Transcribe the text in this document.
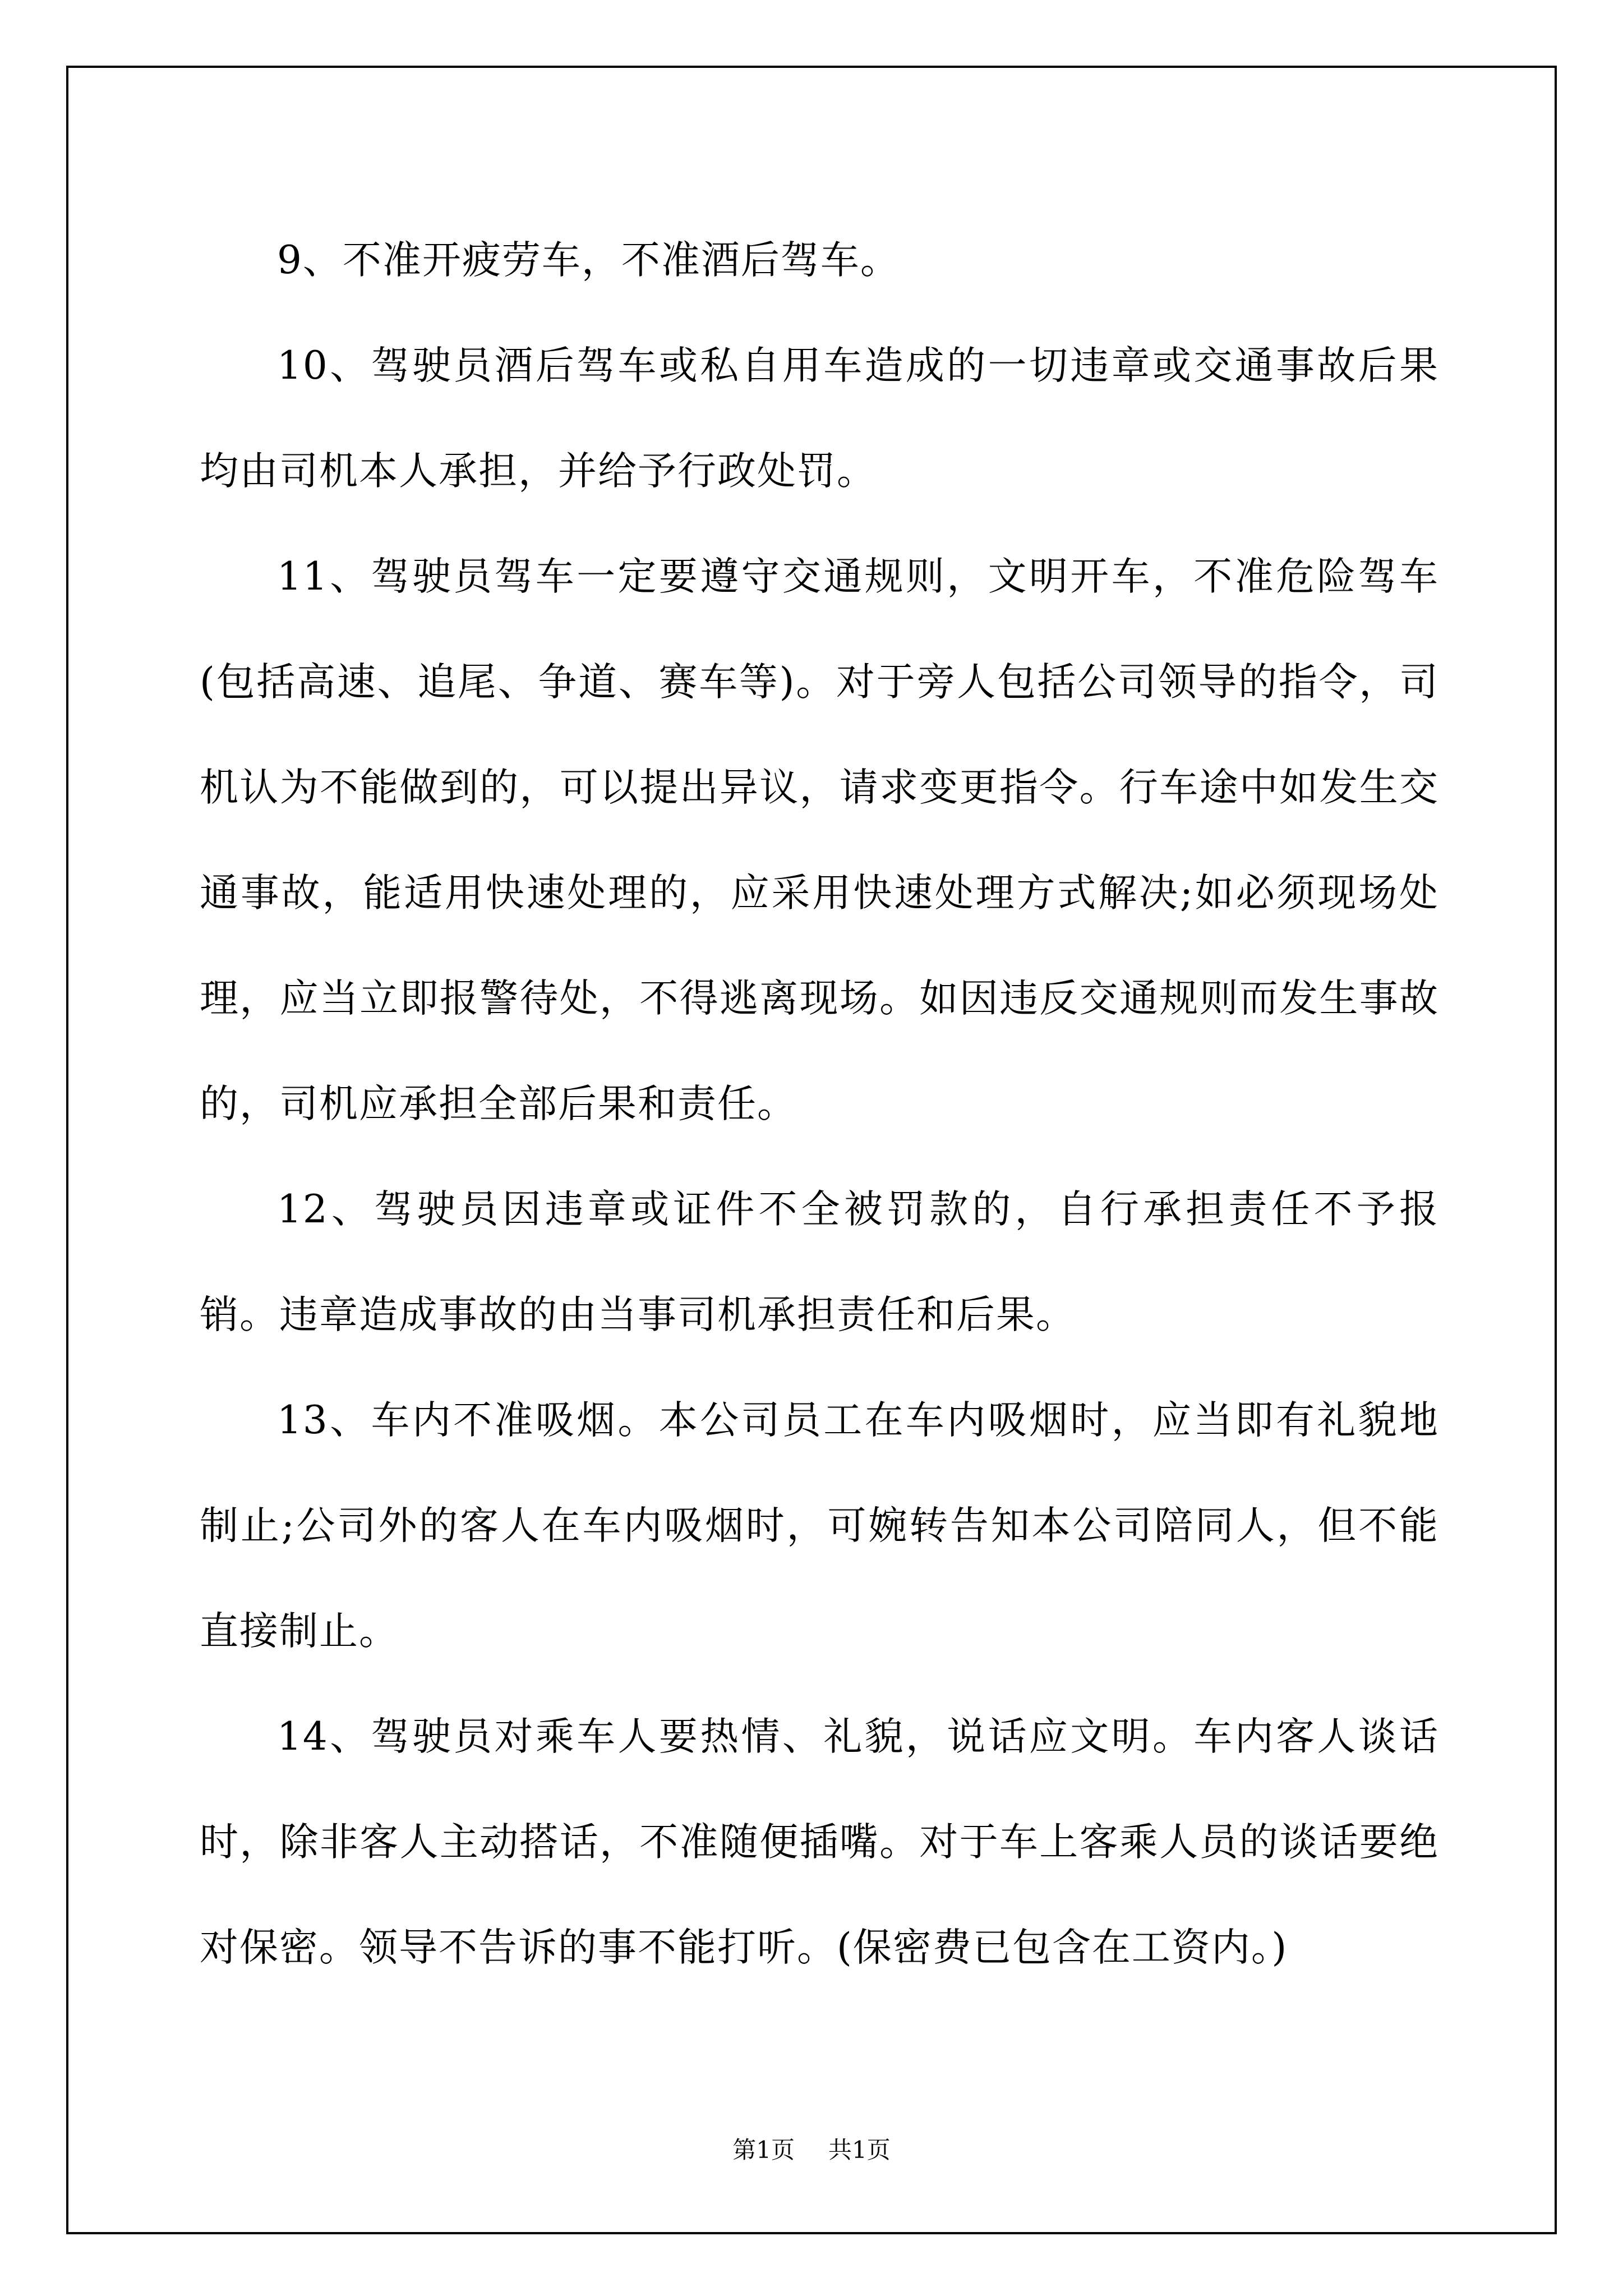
9、不准开疲劳车，不准酒后驾车。

10、驾驶员酒后驾车或私自用车造成的一切违章或交通事故后果均由司机本人承担，并给予行政处罚。

11、驾驶员驾车一定要遵守交通规则，文明开车，不准危险驾车(包括高速、追尾、争道、赛车等)。对于旁人包括公司领导的指令，司机认为不能做到的，可以提出异议，请求变更指令。行车途中如发生交通事故，能适用快速处理的，应采用快速处理方式解决;如必须现场处理，应当立即报警待处，不得逃离现场。如因违反交通规则而发生事故的，司机应承担全部后果和责任。

12、驾驶员因违章或证件不全被罚款的，自行承担责任不予报销。违章造成事故的由当事司机承担责任和后果。

13、车内不准吸烟。本公司员工在车内吸烟时，应当即有礼貌地制止;公司外的客人在车内吸烟时，可婉转告知本公司陪同人，但不能直接制止。

14、驾驶员对乘车人要热情、礼貌，说话应文明。车内客人谈话时，除非客人主动搭话，不准随便插嘴。对于车上客乘人员的谈话要绝对保密。领导不告诉的事不能打听。(保密费已包含在工资内。)

第1页 共1页
